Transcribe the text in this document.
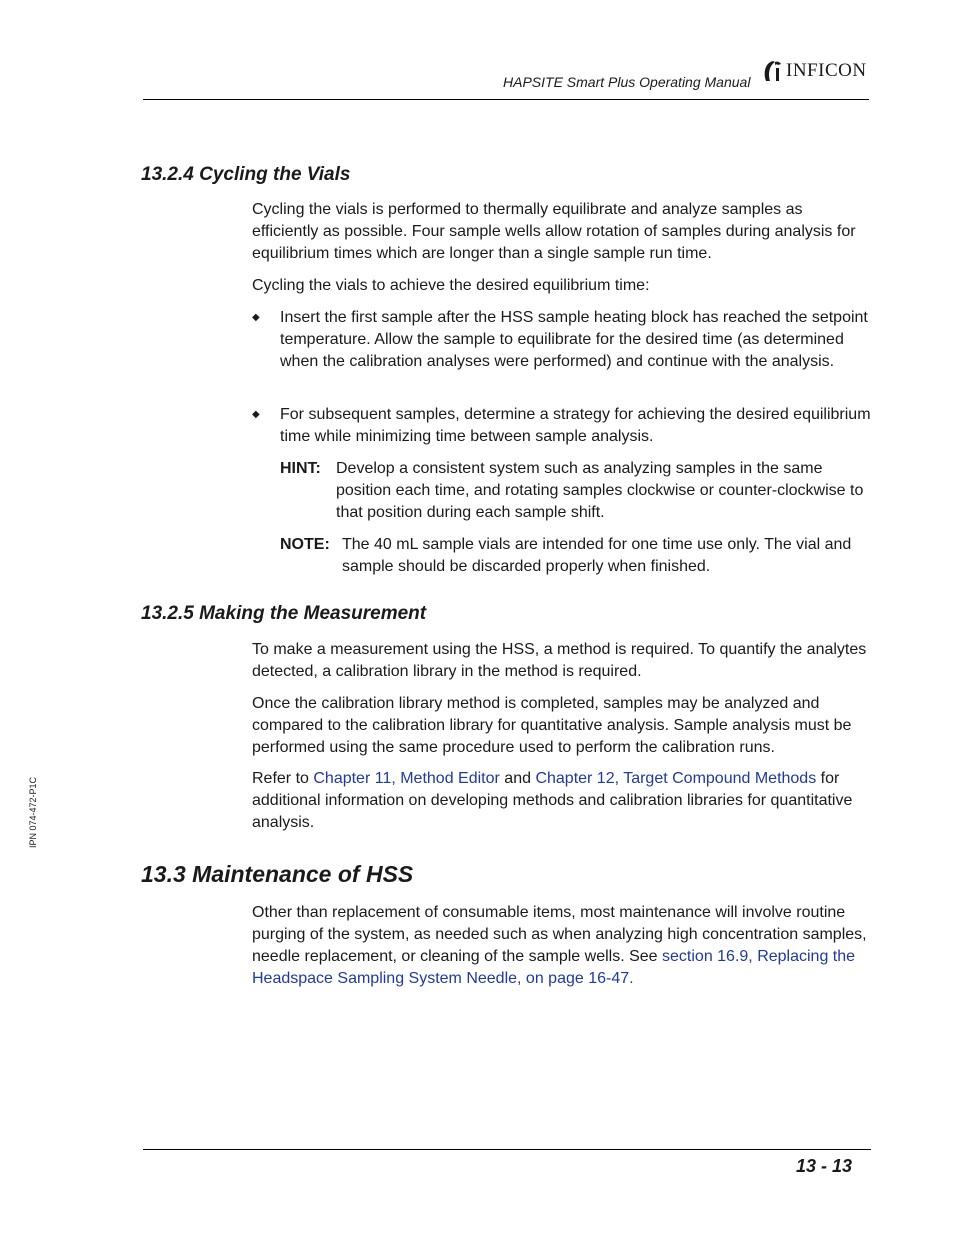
HAPSITE Smart Plus Operating Manual
INFICON
13.2.4 Cycling the Vials
Cycling the vials is performed to thermally equilibrate and analyze samples as efficiently as possible. Four sample wells allow rotation of samples during analysis for equilibrium times which are longer than a single sample run time.
Cycling the vials to achieve the desired equilibrium time:
◆ Insert the first sample after the HSS sample heating block has reached the setpoint temperature. Allow the sample to equilibrate for the desired time (as determined when the calibration analyses were performed) and continue with the analysis.
◆ For subsequent samples, determine a strategy for achieving the desired equilibrium time while minimizing time between sample analysis.
HINT: Develop a consistent system such as analyzing samples in the same position each time, and rotating samples clockwise or counter-clockwise to that position during each sample shift.
NOTE: The 40 mL sample vials are intended for one time use only. The vial and sample should be discarded properly when finished.
13.2.5 Making the Measurement
To make a measurement using the HSS, a method is required. To quantify the analytes detected, a calibration library in the method is required.
Once the calibration library method is completed, samples may be analyzed and compared to the calibration library for quantitative analysis. Sample analysis must be performed using the same procedure used to perform the calibration runs.
Refer to Chapter 11, Method Editor and Chapter 12, Target Compound Methods for additional information on developing methods and calibration libraries for quantitative analysis.
13.3 Maintenance of HSS
Other than replacement of consumable items, most maintenance will involve routine purging of the system, as needed such as when analyzing high concentration samples, needle replacement, or cleaning of the sample wells. See section 16.9, Replacing the Headspace Sampling System Needle, on page 16-47.
IPN 074-472-P1C
13 - 13
